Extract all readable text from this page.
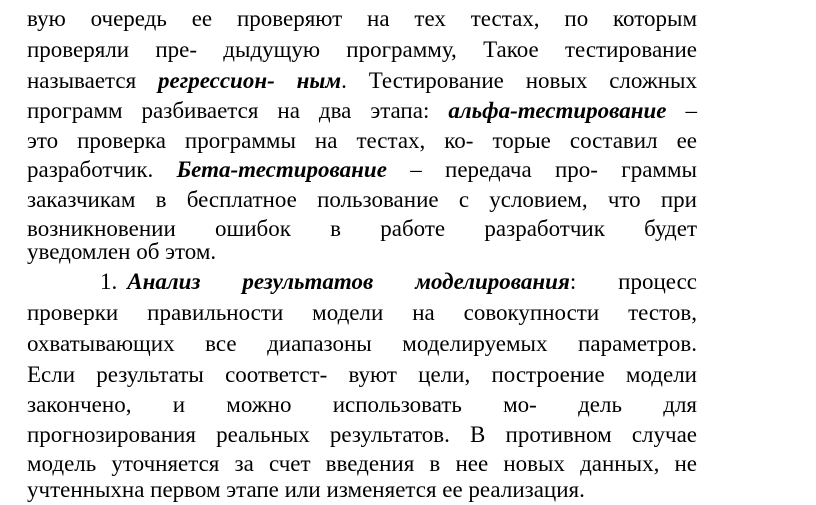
вую очередь ее проверяют на тех тестах, по которым
проверяли пре- дыдущую программу, Такое тестирование
называется регрессион- ным. Тестирование новых сложных
программ разбивается на два этапа: альфа-тестирование –
это проверка программы на тестах, ко- торые составил ее
разработчик. Бета-тестирование – передача про- граммы
заказчикам в бесплатное пользование с условием, что при
возникновении ошибок в работе разработчик будет
уведомлен об этом.
1. Анализ результатов моделирования: процесс
проверки правильности модели на совокупности тестов,
охватывающих все диапазоны моделируемых параметров.
Если результаты соответст- вуют цели, построение модели
закончено, и можно использовать мо- дель для
прогнозирования реальных результатов. В противном случае
модель уточняется за счет введения в нее новых данных, не
учтенныхна первом этапе или изменяется ее реализация.
